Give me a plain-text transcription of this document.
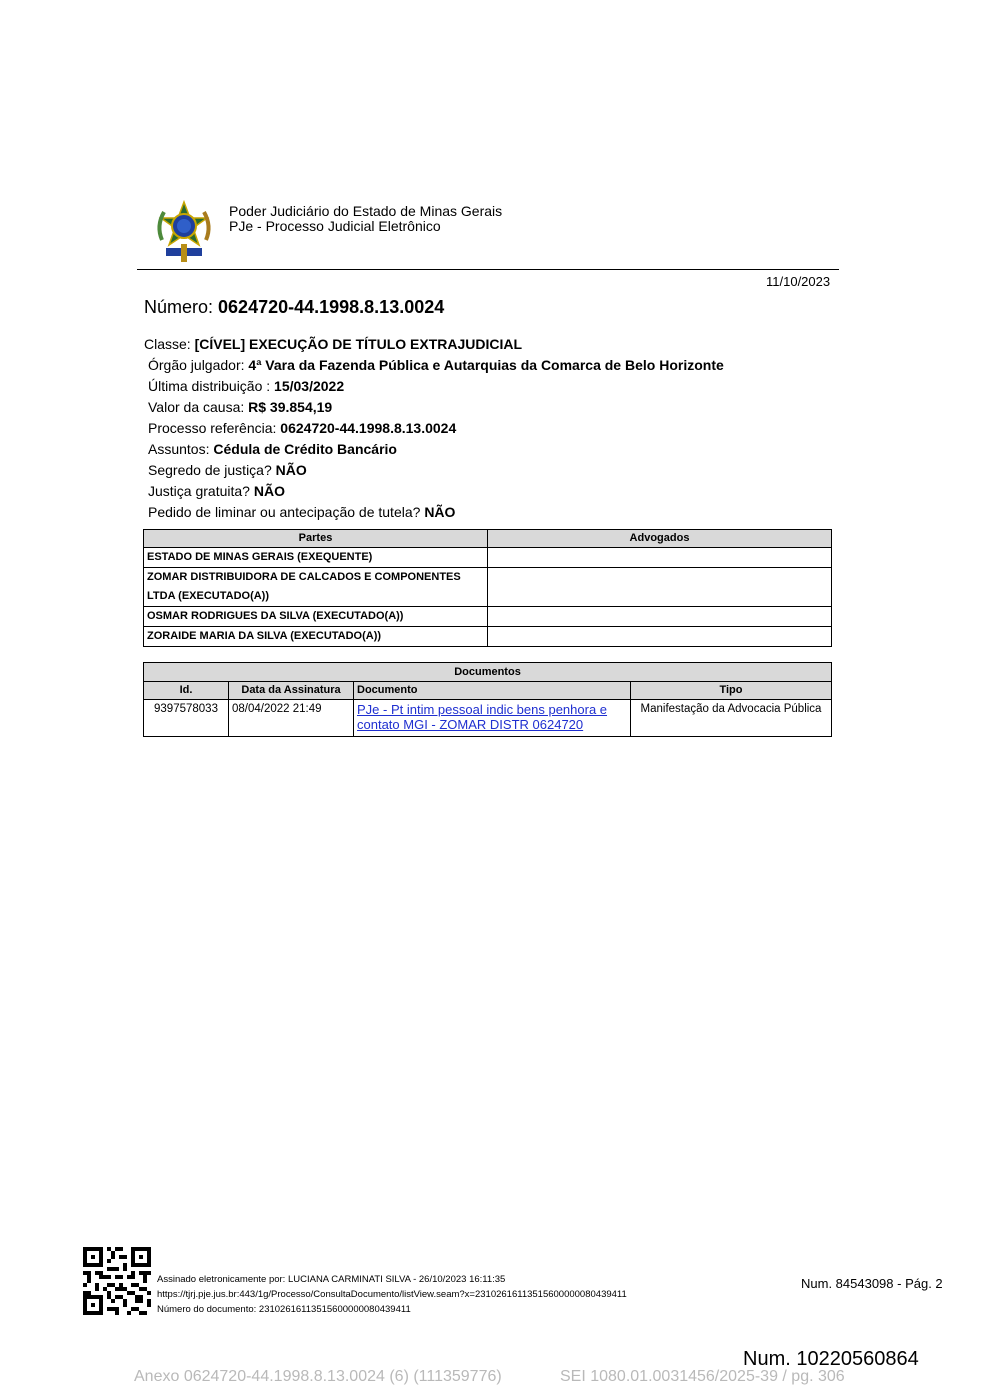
Poder Judiciário do Estado de Minas Gerais
PJe - Processo Judicial Eletrônico
11/10/2023
Número: 0624720-44.1998.8.13.0024
Classe: [CÍVEL] EXECUÇÃO DE TÍTULO EXTRAJUDICIAL
Órgão julgador: 4ª Vara da Fazenda Pública e Autarquias da Comarca de Belo Horizonte
Última distribuição : 15/03/2022
Valor da causa: R$ 39.854,19
Processo referência: 0624720-44.1998.8.13.0024
Assuntos: Cédula de Crédito Bancário
Segredo de justiça? NÃO
Justiça gratuita? NÃO
Pedido de liminar ou antecipação de tutela? NÃO
Partes	Advogados
ESTADO DE MINAS GERAIS (EXEQUENTE)	
ZOMAR DISTRIBUIDORA DE CALCADOS E COMPONENTES LTDA (EXECUTADO(A))	
OSMAR RODRIGUES DA SILVA (EXECUTADO(A))	
ZORAIDE MARIA DA SILVA (EXECUTADO(A))	
Documentos			
Id.	Data da Assinatura	Documento	Tipo
9397578033	08/04/2022 21:49	PJe - Pt intim pessoal indic bens penhora e contato MGI - ZOMAR DISTR 0624720	Manifestação da Advocacia Pública
Assinado eletronicamente por: LUCIANA CARMINATI SILVA - 26/10/2023 16:11:35
https://tjrj.pje.jus.br:443/1g/Processo/ConsultaDocumento/listView.seam?x=23102616113515600000080439411
Número do documento: 23102616113515600000080439411
Num. 84543098 - Pág. 2
Num. 10220560864
Anexo 0624720-44.1998.8.13.0024 (6) (111359776)	SEI 1080.01.0031456/2025-39 / pg. 306
